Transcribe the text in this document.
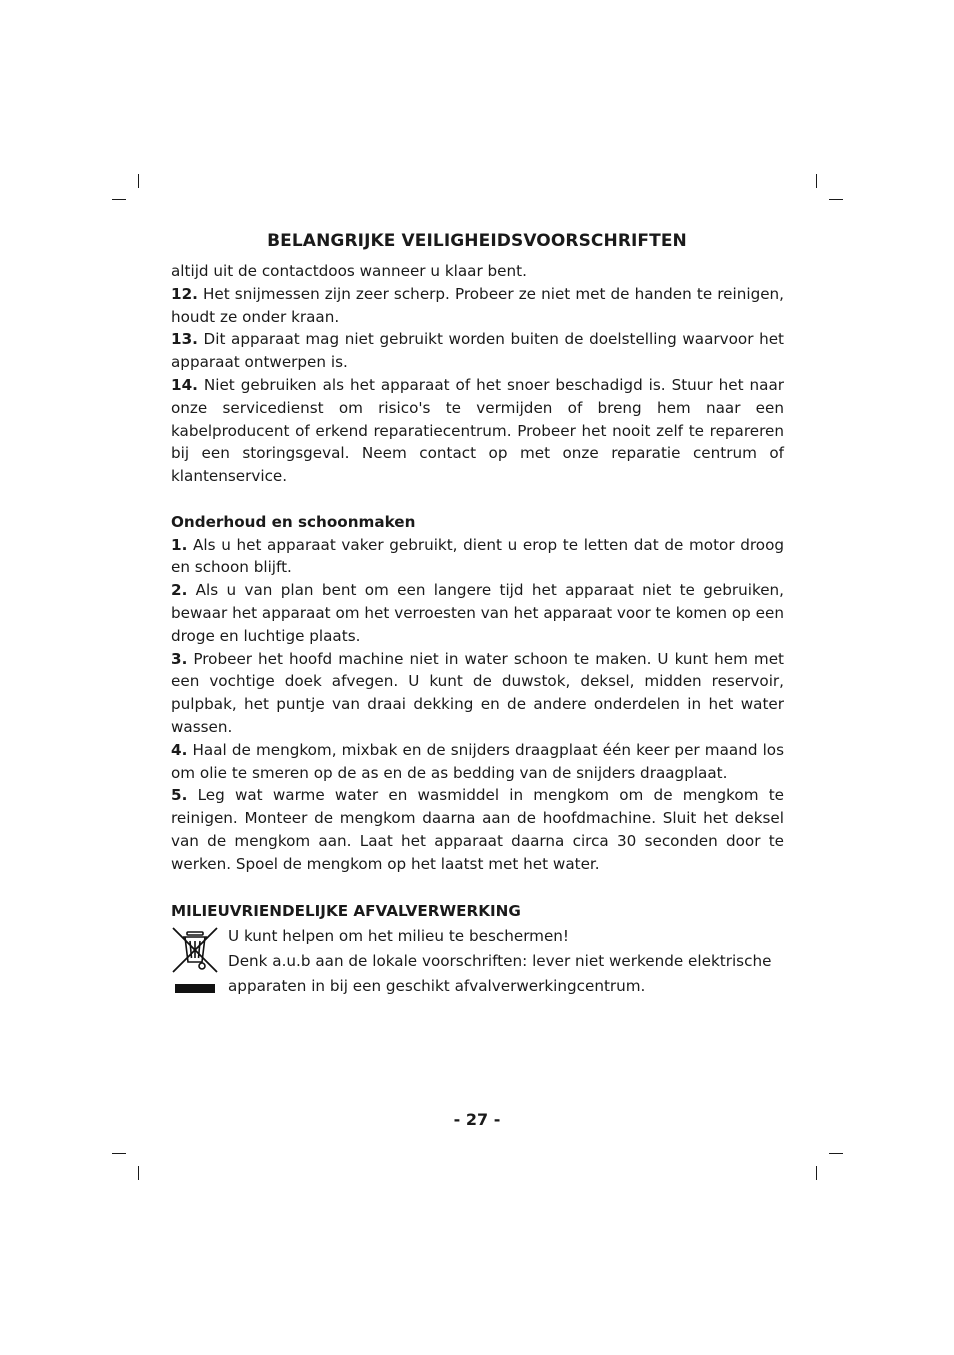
BELANGRIJKE VEILIGHEIDSVOORSCHRIFTEN

altijd uit de contactdoos wanneer u klaar bent.

12. Het snijmessen zijn zeer scherp. Probeer ze niet met de handen te reinigen, houdt ze onder kraan.

13. Dit apparaat mag niet gebruikt worden buiten de doelstelling waarvoor het apparaat ontwerpen is.

14. Niet gebruiken als het apparaat of het snoer beschadigd is. Stuur het naar onze servicedienst om risico's te vermijden of breng hem naar een kabelproducent of erkend reparatiecentrum. Probeer het nooit zelf te repareren bij een storingsgeval. Neem contact op met onze reparatie centrum of klantenservice.

Onderhoud en schoonmaken

1. Als u het apparaat vaker gebruikt, dient u erop te letten dat de motor droog en schoon blijft.

2. Als u van plan bent om een langere tijd het apparaat niet te gebruiken, bewaar het apparaat om het verroesten van het apparaat voor te komen op een droge en luchtige plaats.

3. Probeer het hoofd machine niet in water schoon te maken. U kunt hem met een vochtige doek afvegen. U kunt de duwstok, deksel, midden reservoir, pulpbak, het puntje van draai dekking en de andere onderdelen in het water wassen.

4. Haal de mengkom, mixbak en de snijders draagplaat één keer per maand los om olie te smeren op de as en de as bedding van de snijders draagplaat.

5. Leg wat warme water en wasmiddel in mengkom om de mengkom te reinigen. Monteer de mengkom daarna aan de hoofdmachine. Sluit het deksel van de mengkom aan. Laat het apparaat daarna circa 30 seconden door te werken. Spoel de mengkom op het laatst met het water.

MILIEUVRIENDELIJKE AFVALVERWERKING

U kunt helpen om het milieu te beschermen!

Denk a.u.b aan de lokale voorschriften: lever niet werkende elektrische apparaten in bij een geschikt afvalverwerkingcentrum.

- 27 -
